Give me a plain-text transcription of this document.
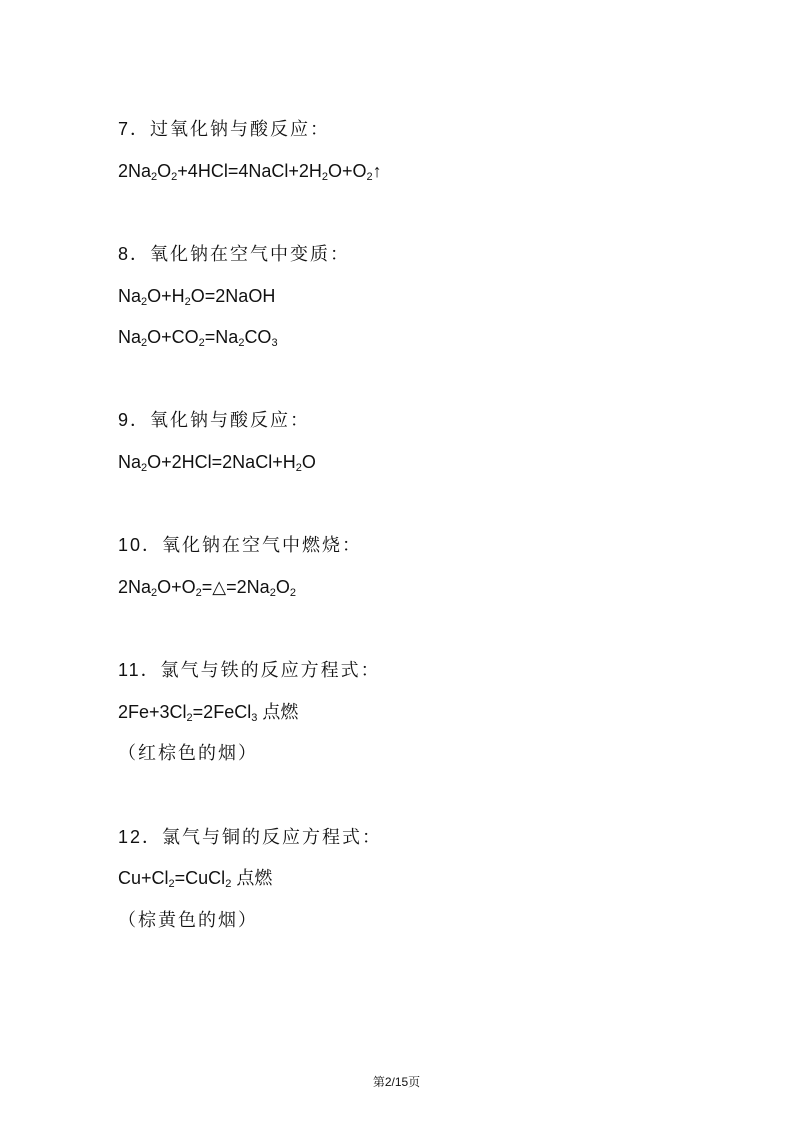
7．过氧化钠与酸反应：
$2Na_2O_2+4HCl=4NaCl+2H_2O+O_2↑$
8．氧化钠在空气中变质：
$Na_2O+H_2O=2NaOH$
$Na_2O+CO_2=Na_2CO_3$
9．氧化钠与酸反应：
$Na_2O+2HCl=2NaCl+H_2O$
10．氧化钠在空气中燃烧：
$2Na_2O+O_2=\triangle=2Na_2O_2$
11．氯气与铁的反应方程式：
$2Fe+3Cl_2=2FeCl_3$ 点燃
（红棕色的烟）
12．氯气与铜的反应方程式：
$Cu+Cl_2=CuCl_2$ 点燃
（棕黄色的烟）
第2/15页
